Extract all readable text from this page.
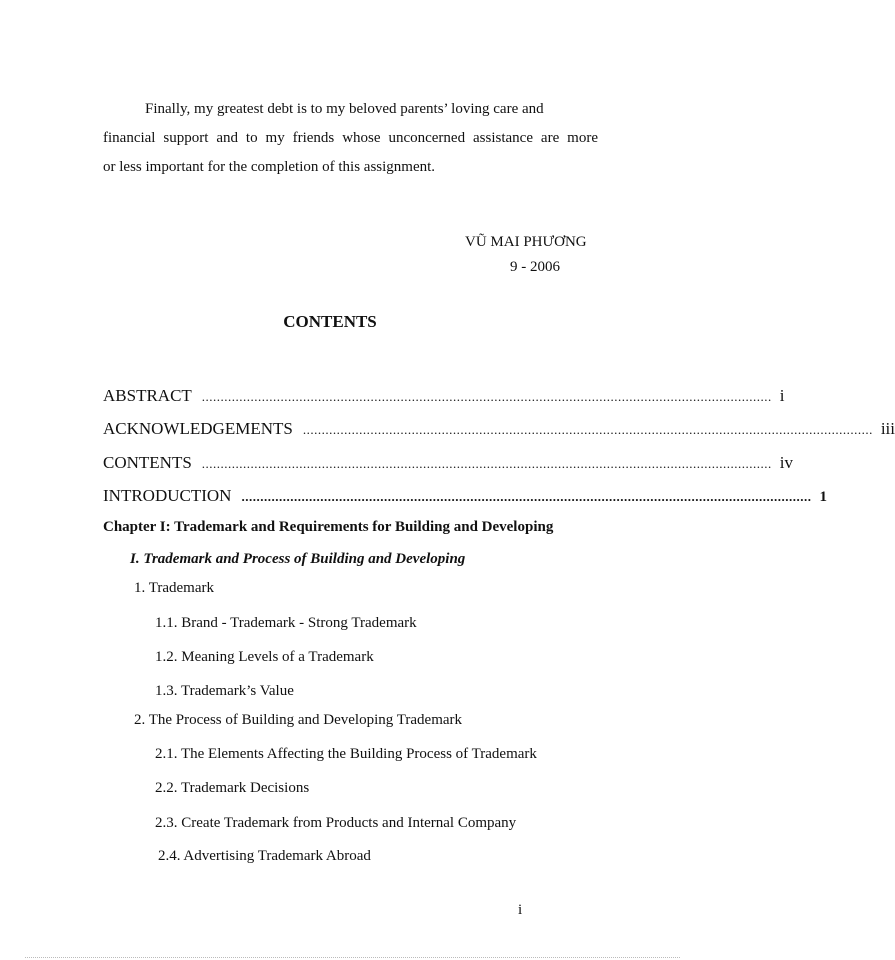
Finally, my greatest debt is to my beloved parents’ loving care and

financial support and to my friends whose unconcerned assistance are more

or less important for the completion of this assignment.

VŨ MAI PHƯƠNG
9 - 2006
CONTENTS
ABSTRACT ........................................................................................................................................................ i
ACKNOWLEDGEMENTS ........................................................................................................................................................ iii
CONTENTS ........................................................................................................................................................ iv
INTRODUCTION ........................................................................................................................................................ 1
Chapter I: Trademark and Requirements for Building and Developing
I. Trademark and Process of Building and Developing
1. Trademark
1.1. Brand - Trademark - Strong Trademark
1.2. Meaning Levels of a Trademark
1.3. Trademark’s Value
2. The Process of Building and Developing Trademark
2.1. The Elements Affecting the Building Process of Trademark
2.2. Trademark Decisions
2.3. Create Trademark from Products and Internal Company
2.4. Advertising Trademark Abroad
i
